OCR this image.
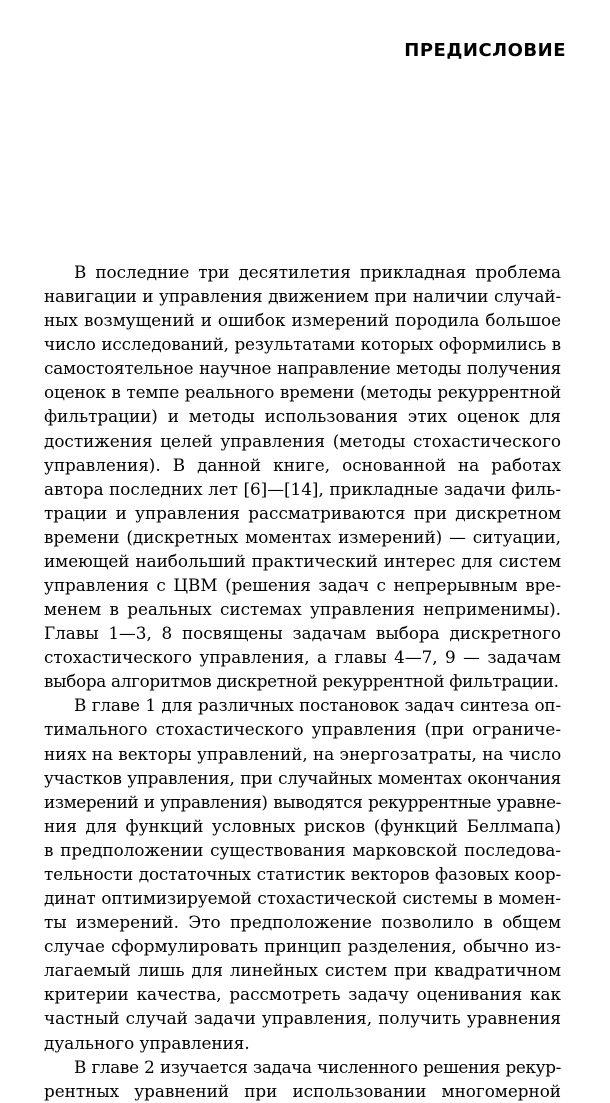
ПРЕДИСЛОВИЕ
В последние три десятилетия прикладная проблема
навигации и управления движением при наличии случай-
ных возмущений и ошибок измерений породила большое
число исследований, результатами которых оформились в
самостоятельное научное направление методы получения
оценок в темпе реального времени (методы рекуррентной
фильтрации) и методы использования этих оценок для
достижения целей управления (методы стохастического
управления). В данной книге, основанной на работах
автора последних лет [6]—[14], прикладные задачи филь-
трации и управления рассматриваются при дискретном
времени (дискретных моментах измерений) — ситуации,
имеющей наибольший практический интерес для систем
управления с ЦВМ (решения задач с непрерывным вре-
менем в реальных системах управления неприменимы).
Главы 1—3, 8 посвящены задачам выбора дискретного
стохастического управления, а главы 4—7, 9 — задачам
выбора алгоритмов дискретной рекуррентной фильтрации.
В главе 1 для различных постановок задач синтеза оп-
тимального стохастического управления (при ограниче-
ниях на векторы управлений, на энергозатраты, на число
участков управления, при случайных моментах окончания
измерений и управления) выводятся рекуррентные уравне-
ния для функций условных рисков (функций Беллмапа)
в предположении существования марковской последова-
тельности достаточных статистик векторов фазовых коор-
динат оптимизируемой стохастической системы в момен-
ты измерений. Это предположение позволило в общем
случае сформулировать принцип разделения, обычно из-
лагаемый лишь для линейных систем при квадратичном
критерии качества, рассмотреть задачу оценивания как
частный случай задачи управления, получить уравнения
дуального управления.
В главе 2 изучается задача численного решения рекур-
рентных уравнений при использовании многомерной
